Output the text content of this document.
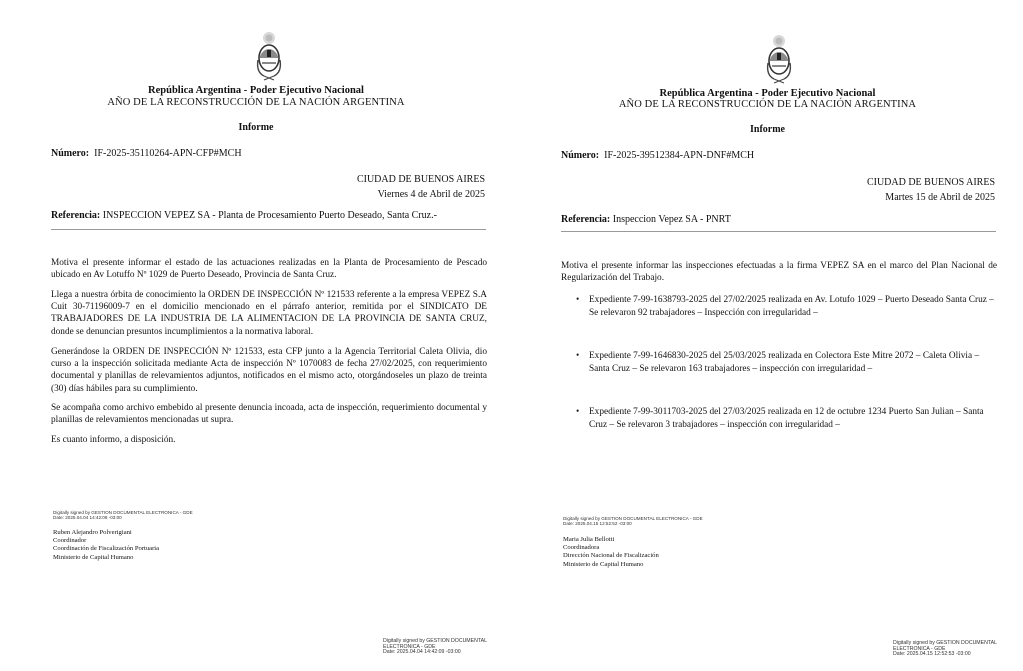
República Argentina - Poder Ejecutivo Nacional
AÑO DE LA RECONSTRUCCIÓN DE LA NACIÓN ARGENTINA
Informe
Número: IF-2025-35110264-APN-CFP#MCH
CIUDAD DE BUENOS AIRES
Viernes 4 de Abril de 2025
Referencia: INSPECCION VEPEZ SA - Planta de Procesamiento Puerto Deseado, Santa Cruz.-
Motiva el presente informar el estado de las actuaciones realizadas en la Planta de Procesamiento de Pescado ubicado en Av Lotuffo Nº 1029 de Puerto Deseado, Provincia de Santa Cruz.
Llega a nuestra órbita de conocimiento la ORDEN DE INSPECCIÓN Nº 121533 referente a la empresa VEPEZ S.A Cuit 30-71196009-7 en el domicilio mencionado en el párrafo anterior, remitida por el SINDICATO DE TRABAJADORES DE LA INDUSTRIA DE LA ALIMENTACION DE LA PROVINCIA DE SANTA CRUZ, donde se denuncian presuntos incumplimientos a la normativa laboral.
Generándose la ORDEN DE INSPECCIÓN Nº 121533, esta CFP junto a la Agencia Territorial Caleta Olivia, dio curso a la inspección solicitada mediante Acta de inspección Nº 1070083 de fecha 27/02/2025, con requerimiento documental y planillas de relevamientos adjuntos, notificados en el mismo acto, otorgándoseles un plazo de treinta (30) días hábiles para su cumplimiento.
Se acompaña como archivo embebido al presente denuncia incoada, acta de inspección, requerimiento documental y planillas de relevamientos mencionadas ut supra.
Es cuanto informo, a disposición.
Digitally signed by GESTION DOCUMENTAL ELECTRONICA - GDE
Date: 2025.04.04 14:42:08 -03:00
Ruben Alejandro Polverigiani
Coordinador
Coordinación de Fiscalización Portuaria
Ministerio de Capital Humano
Digitally signed by GESTION DOCUMENTAL
ELECTRONICA - GDE
Date: 2025.04.04 14:42:09 -03:00
República Argentina - Poder Ejecutivo Nacional
AÑO DE LA RECONSTRUCCIÓN DE LA NACIÓN ARGENTINA
Informe
Número: IF-2025-39512384-APN-DNF#MCH
CIUDAD DE BUENOS AIRES
Martes 15 de Abril de 2025
Referencia: Inspeccion Vepez SA - PNRT
Motiva el presente informar las inspecciones efectuadas a la firma VEPEZ SA en el marco del Plan Nacional de Regularización del Trabajo.
• Expediente 7-99-1638793-2025 del 27/02/2025 realizada en Av. Lotufo 1029 – Puerto Deseado Santa Cruz – Se relevaron 92 trabajadores – Inspección con irregularidad –
• Expediente 7-99-1646830-2025 del 25/03/2025 realizada en Colectora Este Mitre 2072 – Caleta Olivia – Santa Cruz – Se relevaron 163 trabajadores – inspección con irregularidad –
• Expediente 7-99-3011703-2025 del 27/03/2025 realizada en 12 de octubre 1234 Puerto San Julian – Santa Cruz – Se relevaron 3 trabajadores – inspección con irregularidad –
Digitally signed by GESTION DOCUMENTAL ELECTRONICA - GDE
Date: 2025.04.15 12:52:52 -03:00
Maria Julia Bellotti
Coordinadora
Dirección Nacional de Fiscalización
Ministerio de Capital Humano
Digitally signed by GESTION DOCUMENTAL
ELECTRONICA - GDE
Date: 2025.04.15 12:52:53 -03:00
